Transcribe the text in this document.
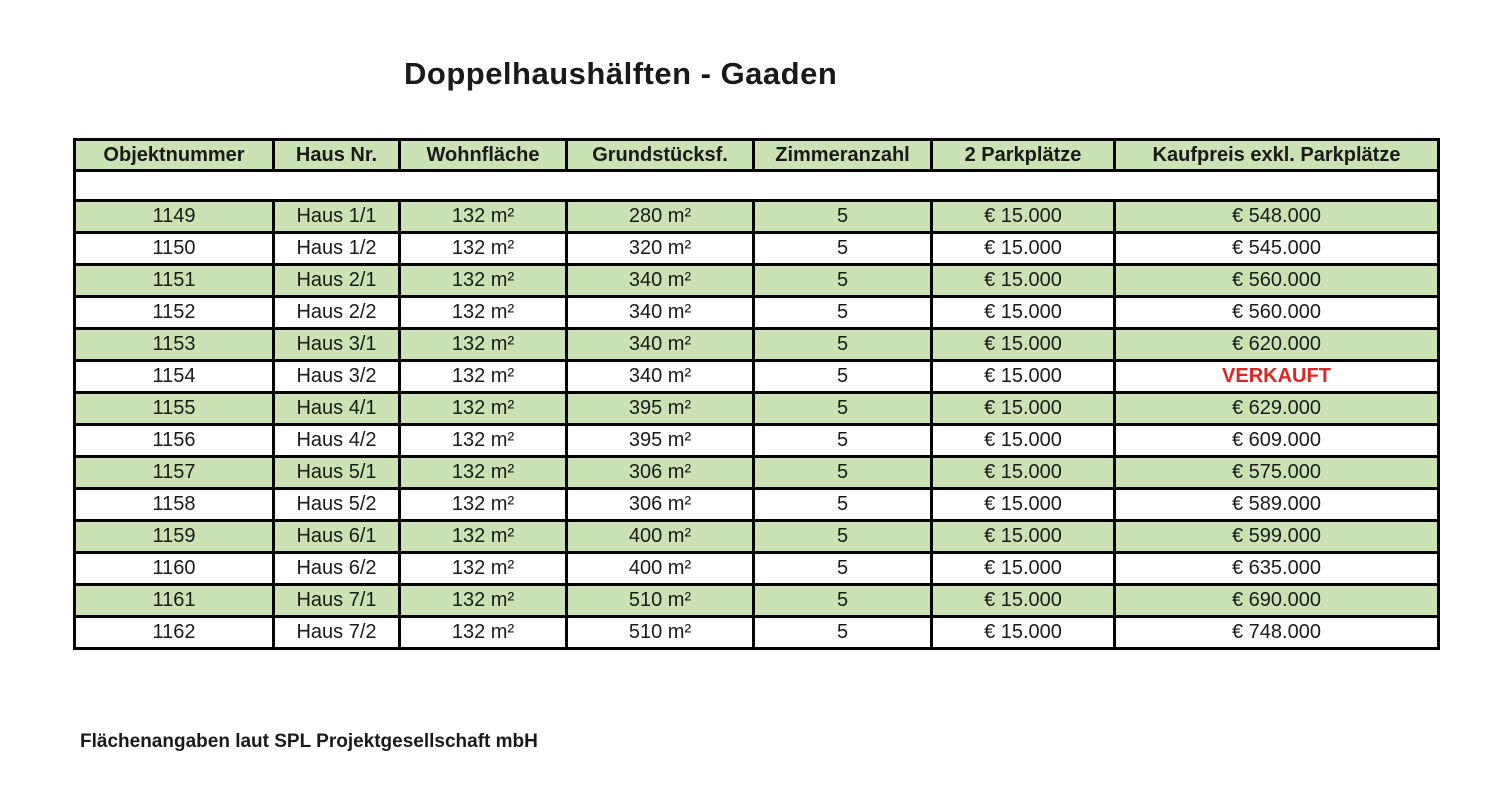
Doppelhaushälften - Gaaden
Objektnummer	Haus Nr.	Wohnfläche	Grundstücksf.	Zimmeranzahl	2 Parkplätze	Kaufpreis exkl. Parkplätze

1149	Haus 1/1	132 m²	280 m²	5	€ 15.000	€ 548.000
1150	Haus 1/2	132 m²	320 m²	5	€ 15.000	€ 545.000
1151	Haus 2/1	132 m²	340 m²	5	€ 15.000	€ 560.000
1152	Haus 2/2	132 m²	340 m²	5	€ 15.000	€ 560.000
1153	Haus 3/1	132 m²	340 m²	5	€ 15.000	€ 620.000
1154	Haus 3/2	132 m²	340 m²	5	€ 15.000	VERKAUFT
1155	Haus 4/1	132 m²	395 m²	5	€ 15.000	€ 629.000
1156	Haus 4/2	132 m²	395 m²	5	€ 15.000	€ 609.000
1157	Haus 5/1	132 m²	306 m²	5	€ 15.000	€ 575.000
1158	Haus 5/2	132 m²	306 m²	5	€ 15.000	€ 589.000
1159	Haus 6/1	132 m²	400 m²	5	€ 15.000	€ 599.000
1160	Haus 6/2	132 m²	400 m²	5	€ 15.000	€ 635.000
1161	Haus 7/1	132 m²	510 m²	5	€ 15.000	€ 690.000
1162	Haus 7/2	132 m²	510 m²	5	€ 15.000	€ 748.000
Flächenangaben laut SPL Projektgesellschaft mbH
